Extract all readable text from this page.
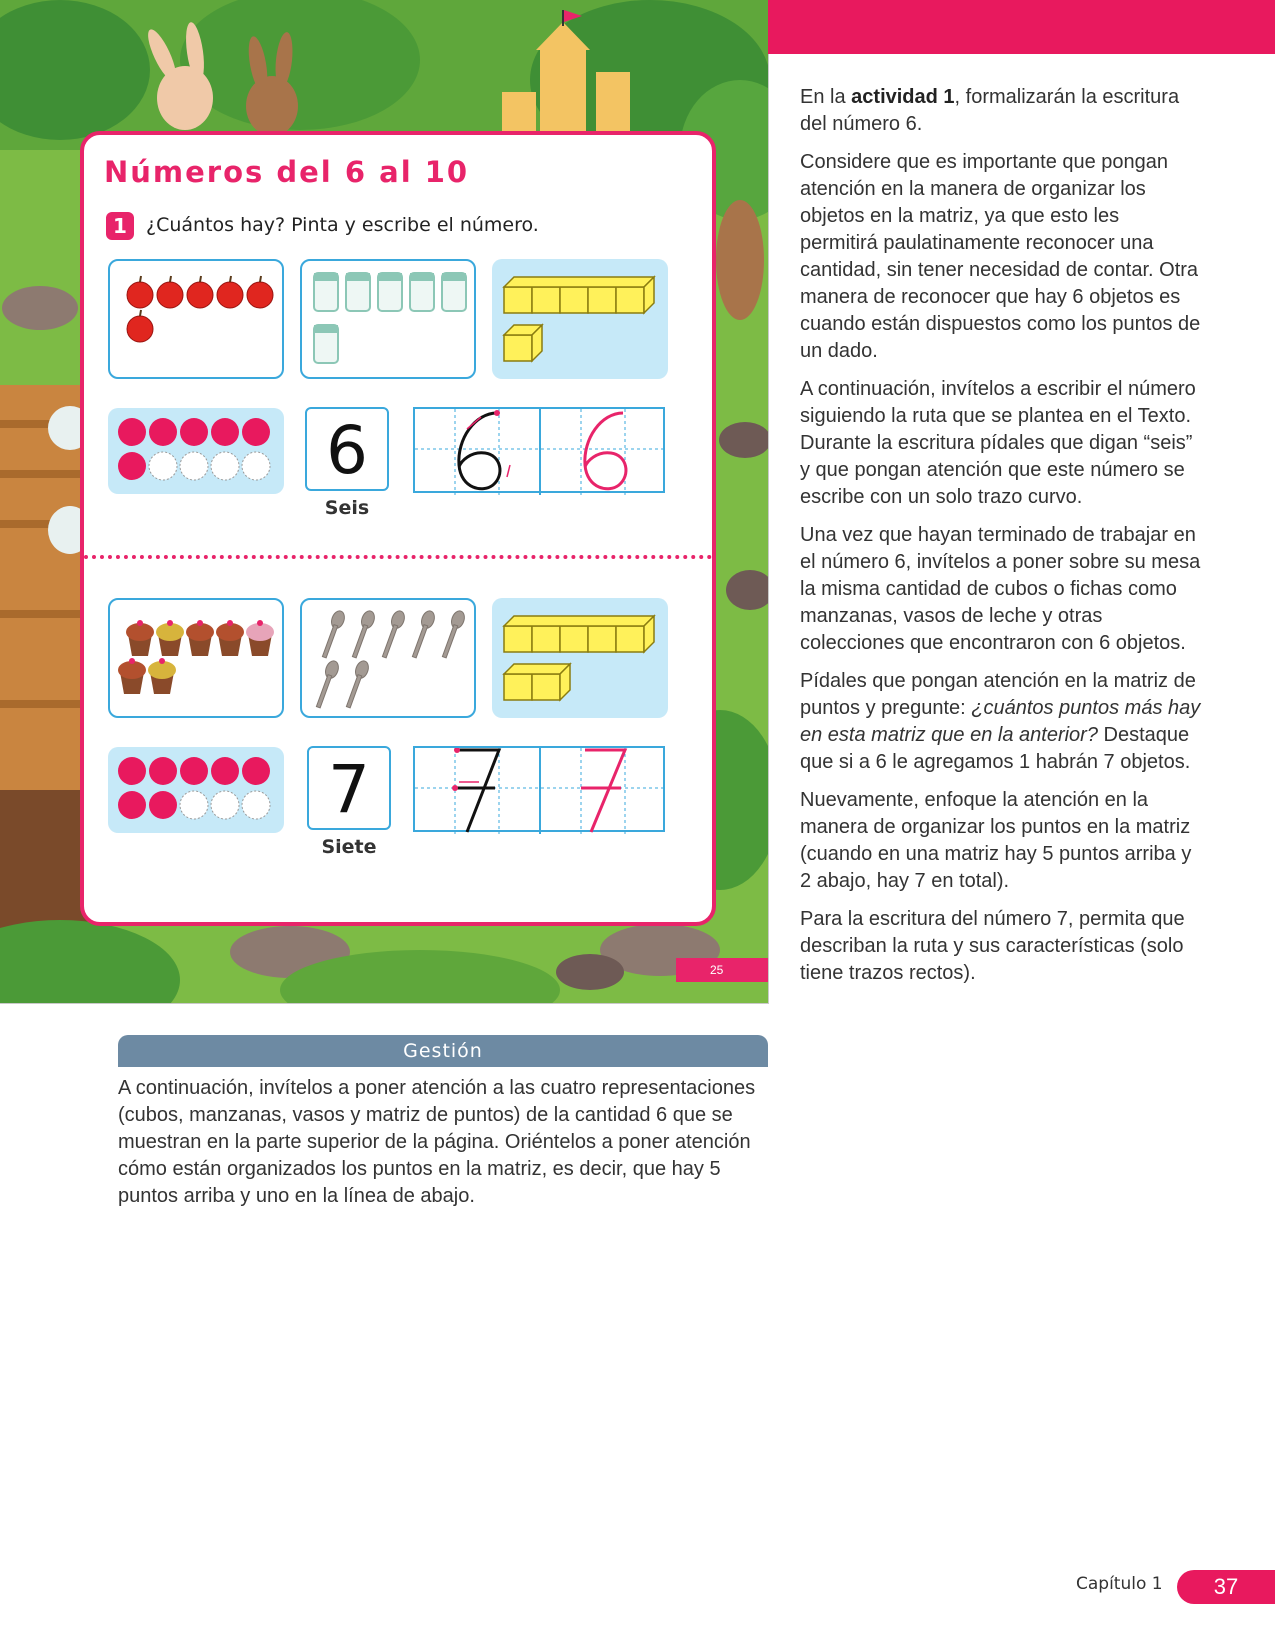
Números del 6 al 10
1	¿Cuántos hay? Pinta y escribe el número.
6
Seis
7
Siete
25

En la actividad 1, formalizarán la escritura del número 6.

Considere que es importante que pongan atención en la manera de organizar los objetos en la matriz, ya que esto les permitirá paulatinamente reconocer una cantidad, sin tener necesidad de contar. Otra manera de reconocer que hay 6 objetos es cuando están dispuestos como los puntos de un dado.

A continuación, invítelos a escribir el número siguiendo la ruta que se plantea en el Texto. Durante la escritura pídales que digan “seis” y que pongan atención que este número se escribe con un solo trazo curvo.

Una vez que hayan terminado de trabajar en el número 6, invítelos a poner sobre su mesa la misma cantidad de cubos o fichas como manzanas, vasos de leche y otras colecciones que encontraron con 6 objetos.

Pídales que pongan atención en la matriz de puntos y pregunte: ¿cuántos puntos más hay en esta matriz que en la anterior? Destaque que si a 6 le agregamos 1 habrán 7 objetos.

Nuevamente, enfoque la atención en la manera de organizar los puntos en la matriz (cuando en una matriz hay 5 puntos arriba y 2 abajo, hay 7 en total).

Para la escritura del número 7, permita que describan la ruta y sus características (solo tiene trazos rectos).

Gestión

A continuación, invítelos a poner atención a las cuatro representaciones (cubos, manzanas, vasos y matriz de puntos) de la cantidad 6 que se muestran en la parte superior de la página. Oriéntelos a poner atención cómo están organizados los puntos en la matriz, es decir, que hay 5 puntos arriba y uno en la línea de abajo.

Capítulo 1	37
